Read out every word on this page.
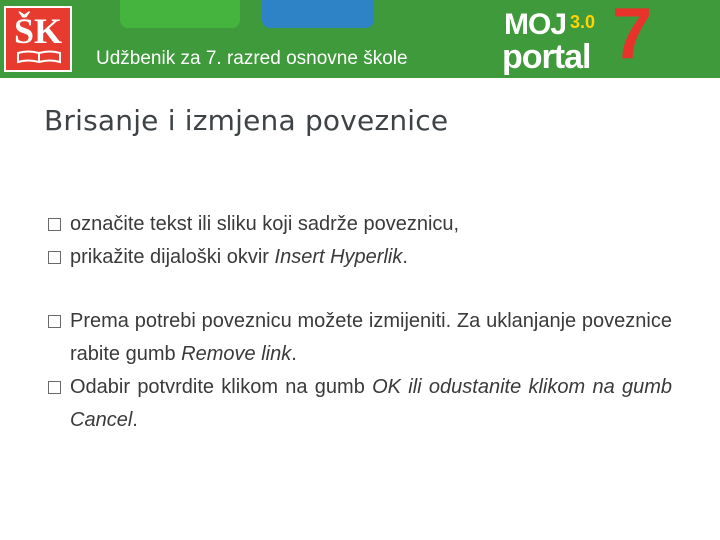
ŠK
Udžbenik za 7. razred osnovne škole
MOJ 3.0
portal 7
Brisanje i izmjena poveznice

označite tekst ili sliku koji sadrže poveznicu,

prikažite dijaloški okvir Insert Hyperlik.

Prema potrebi poveznicu možete izmijeniti. Za uklanjanje poveznice rabite gumb Remove link.

Odabir potvrdite klikom na gumb OK ili odustanite klikom na gumb Cancel.
